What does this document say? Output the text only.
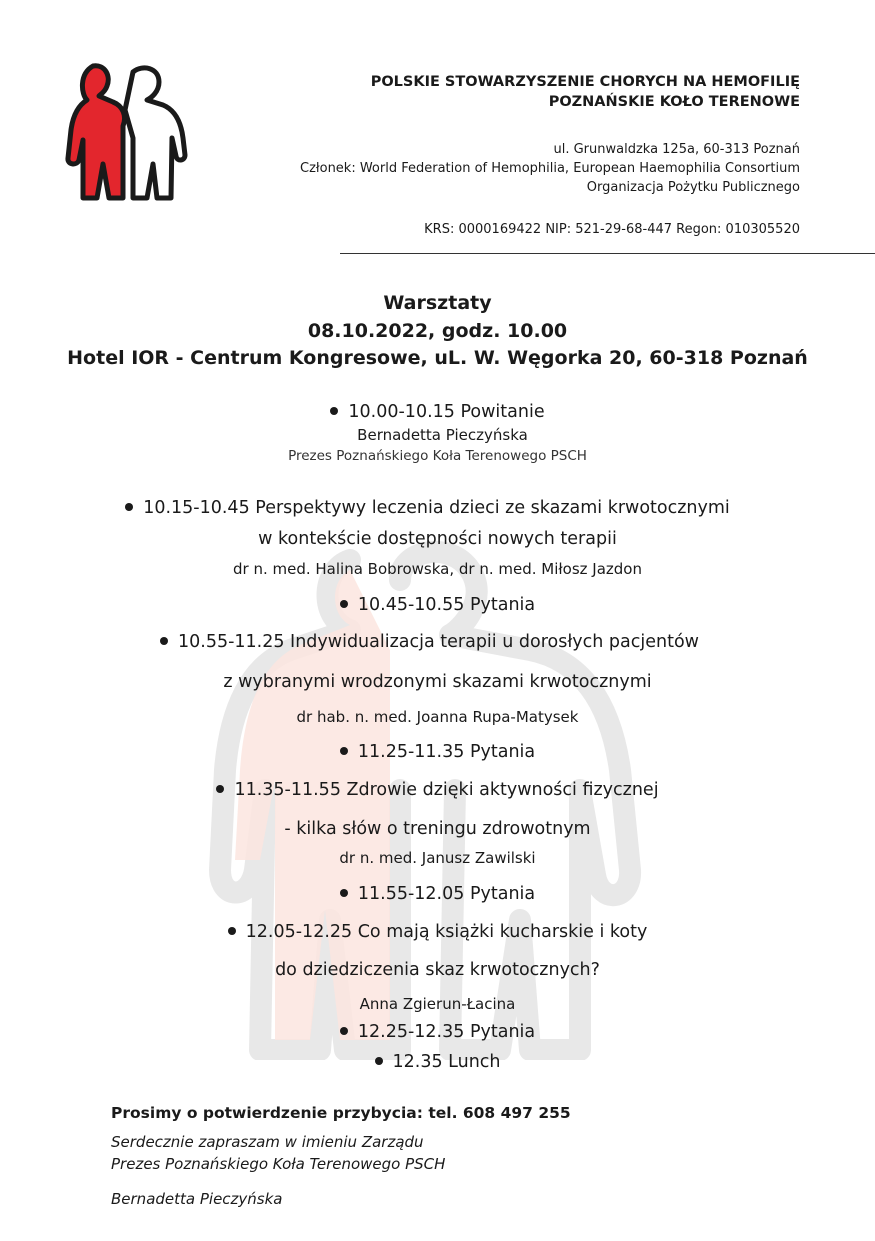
POLSKIE STOWARZYSZENIE CHORYCH NA HEMOFILIĘ
POZNAŃSKIE KOŁO TERENOWE
ul. Grunwaldzka 125a, 60-313 Poznań
Członek: World Federation of Hemophilia, European Haemophilia Consortium
Organizacja Pożytku Publicznego
KRS: 0000169422 NIP: 521-29-68-447 Regon: 010305520
Warsztaty
08.10.2022, godz. 10.00
Hotel IOR - Centrum Kongresowe, uL. W. Węgorka 20, 60-318 Poznań
10.00-10.15 Powitanie
Bernadetta Pieczyńska
Prezes Poznańskiego Koła Terenowego PSCH
10.15-10.45 Perspektywy leczenia dzieci ze skazami krwotocznymi
w kontekście dostępności nowych terapii
dr n. med. Halina Bobrowska, dr n. med. Miłosz Jazdon
10.45-10.55 Pytania
10.55-11.25 Indywidualizacja terapii u dorosłych pacjentów
z wybranymi wrodzonymi skazami krwotocznymi
dr hab. n. med. Joanna Rupa-Matysek
11.25-11.35 Pytania
11.35-11.55 Zdrowie dzięki aktywności fizycznej
- kilka słów o treningu zdrowotnym
dr n. med. Janusz Zawilski
11.55-12.05 Pytania
12.05-12.25 Co mają książki kucharskie i koty
do dziedziczenia skaz krwotocznych?
Anna Zgierun-Łacina
12.25-12.35 Pytania
12.35 Lunch
Prosimy o potwierdzenie przybycia: tel. 608 497 255
Serdecznie zapraszam w imieniu Zarządu
Prezes Poznańskiego Koła Terenowego PSCH
Bernadetta Pieczyńska
